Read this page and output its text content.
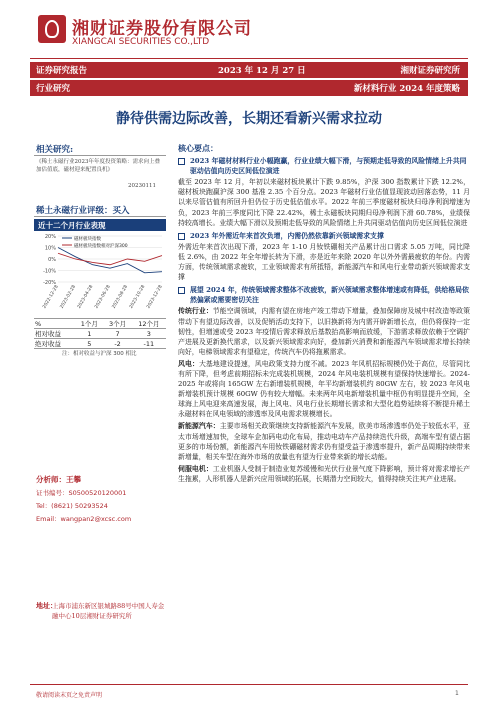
湘财证券股份有限公司
XIANGCAI SECURITIES CO.,LTD
证券研究报告	2023 年 12 月 27 日	湘财证券研究所
行业研究	新材料行业 2024 年度策略
静待供需边际改善，长期还看新兴需求拉动
相关研究:
《稀土永磁行业2023年年度投资策略：需求向上叠加估值底，磁材迎来配置良机》
20230111
稀土永磁行业评级：买入
近十二个月行业表现
20%
10%
0%
-10%
-20%
2022-12-28 2023-02-28 2023-04-28 2023-06-28 2023-08-28 2023-10-28 2023-12-28
磁材板块指数
磁材板块指数相对沪深300
%	1个月	3个月	12个月
相对收益	1	7	3
绝对收益	5	-2	-11
注：相对收益与沪深 300 相比
分析师：王攀
证书编号：S0500520120001
Tel：(8621) 50293524
Email：wangpan2@xcsc.com
地址：
上海市浦东新区银城路88号中国人寿金融中心10层湘财证券研究所
核心要点：
2023 年磁材材料行业小幅跑赢，行业业绩大幅下滑，与预期走低导致的风险情绪上升共同驱动估值向历史区间低位演进

截至 2023 年 12 月，年初以来磁材板块累计下跌 9.85%，沪深 300 指数累计下跌 12.2%，磁材板块跑赢沪深 300 基准 2.35 个百分点。2023 年磁材行业估值显现波动回落态势，11 月以来尽管估值有所回升但仍位于历史低估值水平。2022 年前三季度磁材板块归母净利润增速为负，2023 年前三季度同比下降 22.42%，稀土永磁板块同期归母净利润下滑 60.78%，业绩保持较高增长。业绩大幅下滑以及预期走低导致的风险情绪上升共同驱动估值向历史区间低位演进

2023 年外需近年来首次负增，内需仍然依靠新兴领域需求支撑

外需近年来首次出现下滑，2023 年 1-10 月钕铁硼相关产品累计出口需求 5.05 万吨，同比降低 2.6%，由 2022 年全年增长转为下滑，亦是近年来除 2020 年以外外需最疲软的年份。内需方面，传统领域需求疲软，工业领域需求有所抵牾，新能源汽车和风电行业带动新兴领域需求支撑

展望 2024 年，传统领域需求整体不改疲软，新兴领域需求整体增速或有降低，供给格局依然偏紧或需要密切关注

传统行业：节能空调领域，内需有望在房地产竣工带动下增量，叠加保障房及城中村改造等政策带动下有望边际改善，以及促销活动支持下，以旧换新将为内需开辟新增长点，但仍将保持一定韧性，但增速或受 2023 年疫情后需求释放后基数抬高影响而放缓，下游需求释放依赖于空调扩产进展及更新换代需求，以及新兴领域需求向好，叠加新兴消费和新能源汽车领域需求增长持续向好，电梯领域需求有望稳定，传统汽车仍将拖累需求。

风电：大基地建设提速，风电政策支持力度不减。2023 年风机招标规模仍处于高位，尽管同比有所下降，但考虑前期招标未完成装机规模，2024 年风电装机规模有望保持快速增长。2024-2025 年或将向 165GW 左右新增装机规模，年平均新增装机约 80GW 左右，较 2023 年风电新增装机预计规模 60GW 仍有较大增幅。未来两年风电新增装机量中枢仍有明显提升空间，全球海上风电迎来高速发展，海上风电、风电行业长期增长需求和大型化趋势延续将不断提升稀土永磁材料在风电领域的渗透率及风电需求规模增长。

新能源汽车：主要市场相关政策继续支持新能源汽车发展，欧美市场渗透率仍处于较低水平，亚太市场增速加快，全球车企加码电动化布局，推动电动车产品持续迭代升级，高端车型有望占据更多的市场份额，新能源汽车用钕铁硼磁材需求仍有望受益于渗透率提升，新产品周期持续带来新增量，相关车型在海外市场的放量也有望为行业带来新的增长动能。

伺服电机：工业机器人受制于制造业复苏缓慢和光伏行业景气度下降影响，预计将对需求增长产生拖累，人形机器人是新兴应用领域的拓展，长期潜力空间较大，值得持续关注其产业进展。

敬请阅读末页之免责声明	1
